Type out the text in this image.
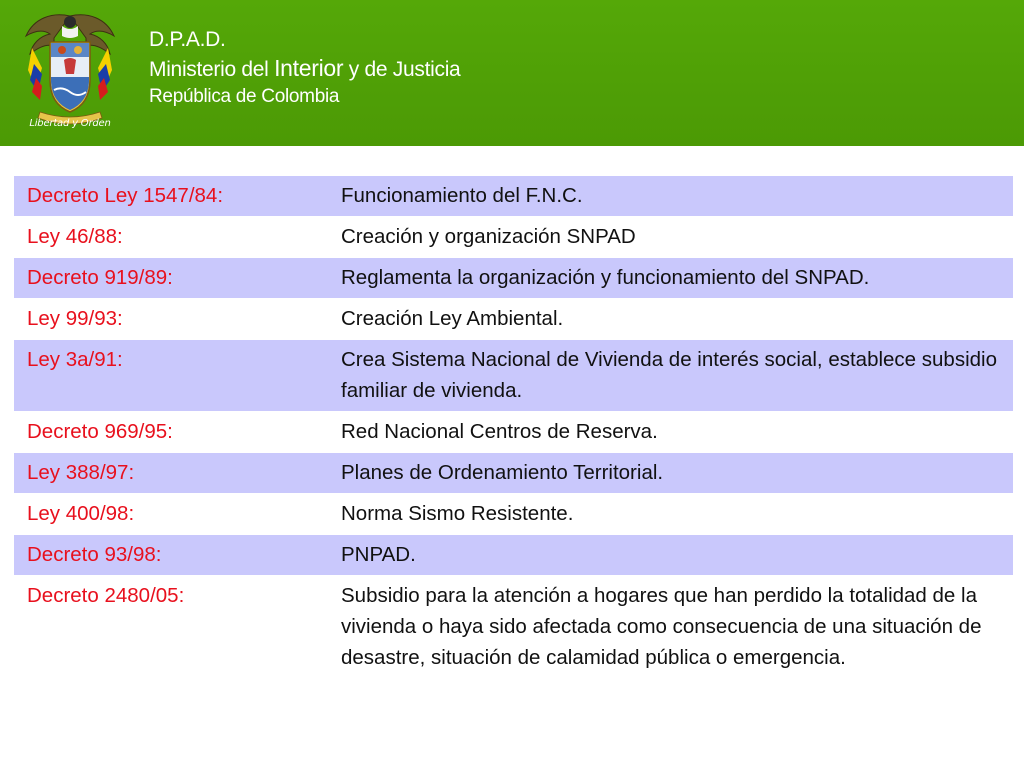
Libertad y Orden
D.P.A.D.
Ministerio del Interior y de Justicia
República de Colombia
Decreto Ley 1547/84:	Funcionamiento del F.N.C.
Ley 46/88:	Creación y organización SNPAD
Decreto 919/89:	Reglamenta la organización y funcionamiento del SNPAD.
Ley 99/93:	Creación Ley Ambiental.
Ley 3a/91:	Crea Sistema Nacional de Vivienda de interés social, establece subsidio familiar de vivienda.
Decreto 969/95:	Red Nacional Centros de Reserva.
Ley 388/97:	Planes de Ordenamiento Territorial.
Ley 400/98:	Norma Sismo Resistente.
Decreto 93/98:	PNPAD.
Decreto 2480/05:	Subsidio para la atención a hogares que han perdido la totalidad de la vivienda o haya sido afectada como consecuencia de una situación de desastre, situación de calamidad pública o emergencia.
